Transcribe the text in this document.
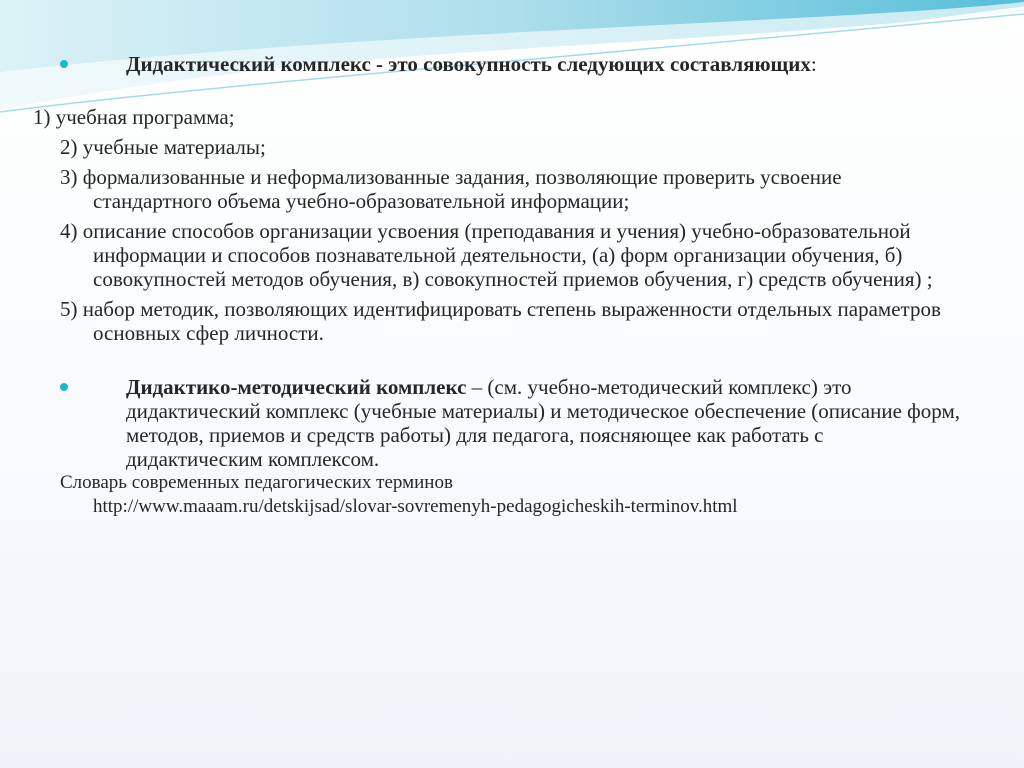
Дидактический комплекс - это совокупность следующих составляющих:

1) учебная программа;

2) учебные материалы;

3) формализованные и неформализованные задания, позволяющие проверить усвоение стандартного объема учебно-образовательной информации;

4) описание способов организации усвоения (преподавания и учения) учебно-образовательной информации и способов познавательной деятельности, (а) форм организации обучения, б) совокупностей методов обучения, в) совокупностей приемов обучения, г) средств обучения) ;

5) набор методик, позволяющих идентифицировать степень выраженности отдельных параметров основных сфер личности.

Дидактико-методический комплекс – (см. учебно-методический комплекс) это дидактический комплекс (учебные материалы) и методическое обеспечение (описание форм, методов, приемов и средств работы) для педагога, поясняющее как работать с дидактическим комплексом.

Словарь современных педагогических терминов
http://www.maaam.ru/detskijsad/slovar-sovremenyh-pedagogicheskih-terminov.html
